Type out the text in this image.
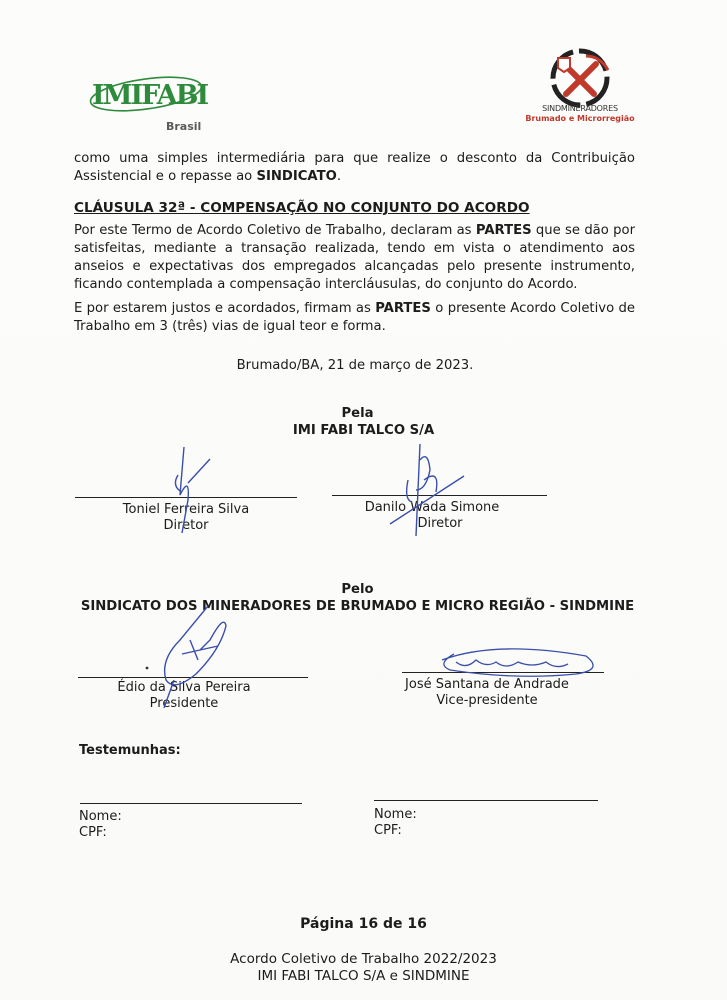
IMIFABI
Brasil
SINDMINERADORES
Brumado e Microrregião
como uma simples intermediária para que realize o desconto da Contribuição Assistencial e o repasse ao SINDICATO.
CLÁUSULA 32ª - COMPENSAÇÃO NO CONJUNTO DO ACORDO
Por este Termo de Acordo Coletivo de Trabalho, declaram as PARTES que se dão por satisfeitas, mediante a transação realizada, tendo em vista o atendimento aos anseios e expectativas dos empregados alcançadas pelo presente instrumento, ficando contemplada a compensação intercláusulas, do conjunto do Acordo.
E por estarem justos e acordados, firmam as PARTES o presente Acordo Coletivo de Trabalho em 3 (três) vias de igual teor e forma.
Brumado/BA, 21 de março de 2023.
Pela
IMI FABI TALCO S/A
Toniel Ferreira Silva
Diretor
Danilo Wada Simone
Diretor
Pelo
SINDICATO DOS MINERADORES DE BRUMADO E MICRO REGIÃO - SINDMINE
Édio da Silva Pereira
Presidente
José Santana de Andrade
Vice-presidente
Testemunhas:
Nome:
CPF:
Nome:
CPF:
Página 16 de 16
Acordo Coletivo de Trabalho 2022/2023
IMI FABI TALCO S/A e SINDMINE
